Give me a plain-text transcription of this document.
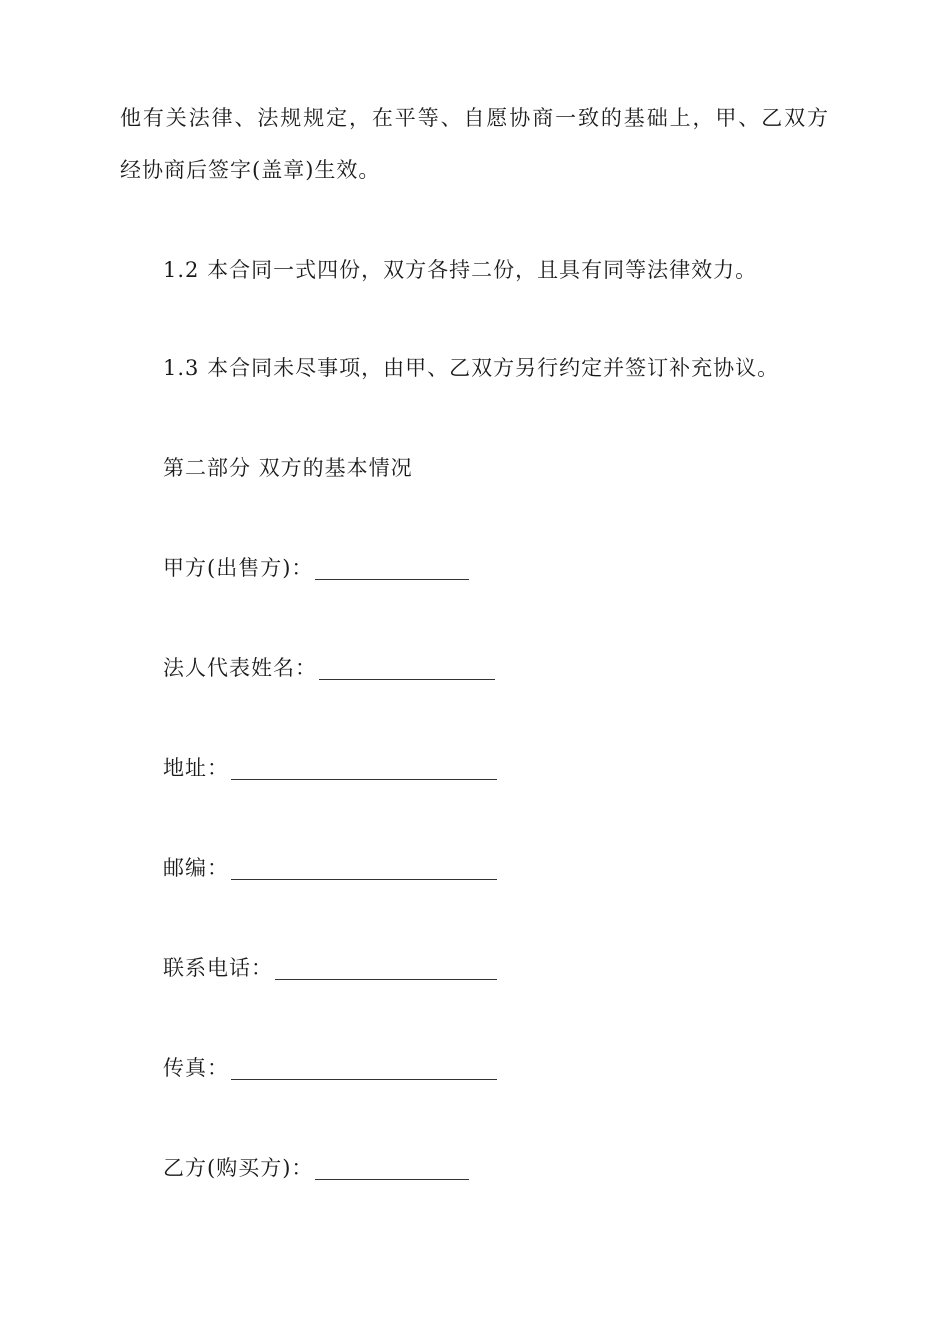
他有关法律、法规规定，在平等、自愿协商一致的基础上，甲、乙双方
经协商后签字(盖章)生效。
1.2 本合同一式四份，双方各持二份，且具有同等法律效力。
1.3 本合同未尽事项，由甲、乙双方另行约定并签订补充协议。
第二部分 双方的基本情况
甲方(出售方)：
法人代表姓名：
地址：
邮编：
联系电话：
传真：
乙方(购买方)：
